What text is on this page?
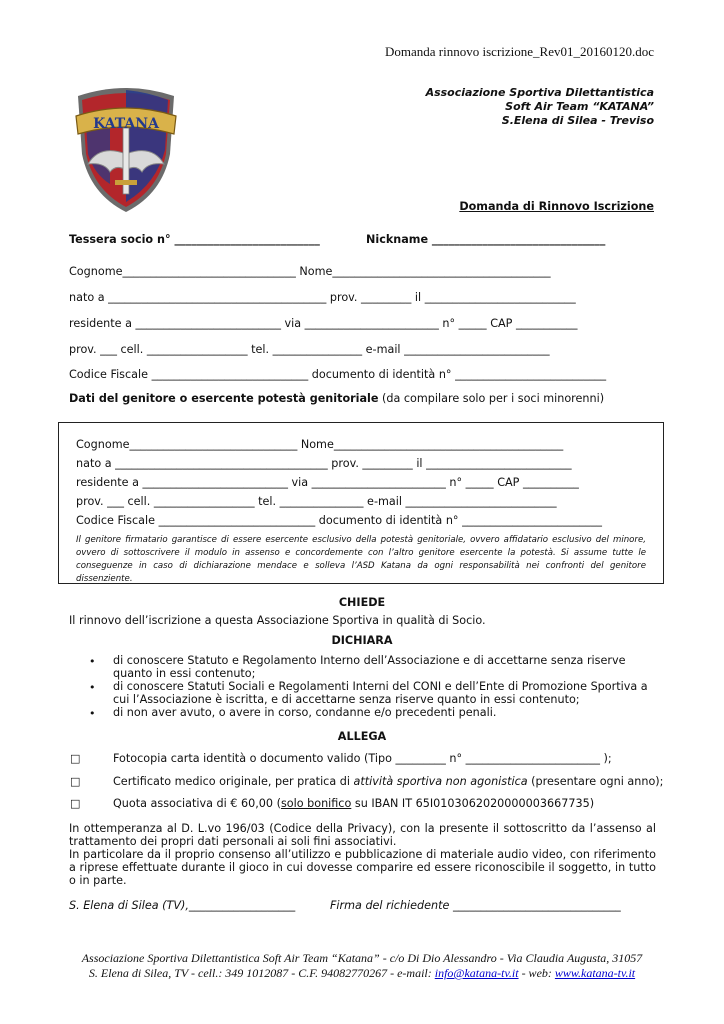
Domanda rinnovo iscrizione_Rev01_20160120.doc
KATANA
Associazione Sportiva Dilettantistica
Soft Air Team “KATANA”
S.Elena di Silea - Treviso
Domanda di Rinnovo Iscrizione
Tessera socio n° __________________________	Nickname _______________________________
Cognome_______________________________ Nome_______________________________________
nato a _______________________________________ prov. _________ il ___________________________
residente a __________________________ via ________________________ n° _____ CAP ___________
prov. ___ cell. __________________ tel. ________________ e-mail __________________________
Codice Fiscale ____________________________ documento di identità n° ___________________________
Dati del genitore o esercente potestà genitoriale (da compilare solo per i soci minorenni)
Cognome______________________________ Nome_________________________________________
nato a ______________________________________ prov. _________ il __________________________
residente a __________________________ via ________________________ n° _____ CAP __________
prov. ___ cell. __________________ tel. _______________ e-mail ___________________________
Codice Fiscale ____________________________ documento di identità n° _________________________
Il genitore firmatario garantisce di essere esercente esclusivo della potestà genitoriale, ovvero affidatario esclusivo del minore, ovvero di sottoscrivere il modulo in assenso e concordemente con l’altro genitore esercente la potestà. Si assume tutte le conseguenze in caso di dichiarazione mendace e solleva l’ASD Katana da ogni responsabilità nei confronti del genitore dissenziente.
CHIEDE
Il rinnovo dell’iscrizione a questa Associazione Sportiva in qualità di Socio.
DICHIARA
• di conoscere Statuto e Regolamento Interno dell’Associazione e di accettarne senza riserve quanto in essi contenuto;
• di conoscere Statuti Sociali e Regolamenti Interni del CONI e dell’Ente di Promozione Sportiva a cui l’Associazione è iscritta, e di accettarne senza riserve quanto in essi contenuto;
• di non aver avuto, o avere in corso, condanne e/o precedenti penali.
ALLEGA
□	Fotocopia carta identità o documento valido (Tipo _________ n° ________________________ );
□	Certificato medico originale, per pratica di attività sportiva non agonistica (presentare ogni anno);
□	Quota associativa di € 60,00 (solo bonifico su IBAN IT 65I0103062020000003667735)
In ottemperanza al D. L.vo 196/03 (Codice della Privacy), con la presente il sottoscritto da l’assenso al trattamento dei propri dati personali ai soli fini associativi.
In particolare da il proprio consenso all’utilizzo e pubblicazione di materiale audio video, con riferimento a riprese effettuate durante il gioco in cui dovesse comparire ed essere riconoscibile il soggetto, in tutto o in parte.
S. Elena di Silea (TV),___________________	Firma del richiedente ______________________________
Associazione Sportiva Dilettantistica Soft Air Team “Katana” - c/o Di Dio Alessandro - Via Claudia Augusta, 31057
S. Elena di Silea, TV - cell.: 349 1012087 - C.F. 94082770267 - e-mail: info@katana-tv.it - web: www.katana-tv.it
